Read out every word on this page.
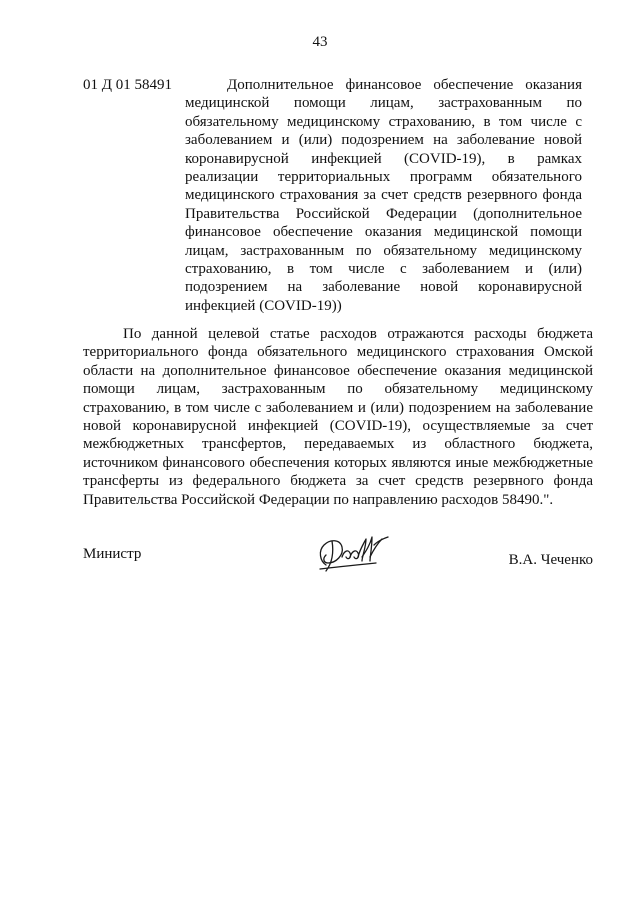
43
01 Д 01 58491	Дополнительное финансовое обеспечение оказания медицинской помощи лицам, застрахованным по обязательному медицинскому страхованию, в том числе с заболеванием и (или) подозрением на заболевание новой коронавирусной инфекцией (COVID-19), в рамках реализации территориальных программ обязательного медицинского страхования за счет средств резервного фонда Правительства Российской Федерации (дополнительное финансовое обеспечение оказания медицинской помощи лицам, застрахованным по обязательному медицинскому страхованию, в том числе с заболеванием и (или) подозрением на заболевание новой коронавирусной инфекцией (COVID-19))

По данной целевой статье расходов отражаются расходы бюджета территориального фонда обязательного медицинского страхования Омской области на дополнительное финансовое обеспечение оказания медицинской помощи лицам, застрахованным по обязательному медицинскому страхованию, в том числе с заболеванием и (или) подозрением на заболевание новой коронавирусной инфекцией (COVID-19), осуществляемые за счет межбюджетных трансфертов, передаваемых из областного бюджета, источником финансового обеспечения которых являются иные межбюджетные трансферты из федерального бюджета за счет средств резервного фонда Правительства Российской Федерации по направлению расходов 58490.".

Министр	В.А. Чеченко
